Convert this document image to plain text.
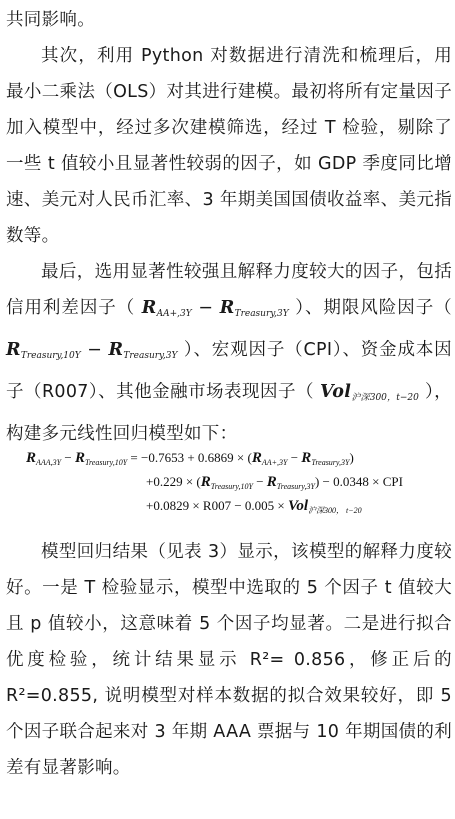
共同影响。

其次，利用 Python 对数据进行清洗和梳理后，用最小二乘法（OLS）对其进行建模。最初将所有定量因子加入模型中，经过多次建模筛选，经过 T 检验，剔除了一些 t 值较小且显著性较弱的因子，如 GDP 季度同比增速、美元对人民币汇率、3 年期美国国债收益率、美元指数等。

最后，选用显著性较强且解释力度较大的因子，包括信用利差因子（ $R_{AA+,3Y} - R_{Treasury,3Y}$ ）、期限风险因子（ $R_{Treasury,10Y} - R_{Treasury,3Y}$ ）、宏观因子（CPI）、资金成本因子（R007）、其他金融市场表现因子（ Vol$_{沪深300,t-20}$ ），构建多元线性回归模型如下：

$R_{AAA,3Y} - R_{Treasury,10Y} = -0.7653 + 0.6869 \times (R_{AA+,3Y} - R_{Treasury,3Y})$
$+0.229 \times (R_{Treasury,10Y} - R_{Treasury,3Y}) - 0.0348$ × CPI
+0.0829 × R007 − 0.005 × Vol$_{沪深300, t-20}$

模型回归结果（见表 3）显示，该模型的解释力度较好。一是 T 检验显示，模型中选取的 5 个因子 t 值较大且 p 值较小，这意味着 5 个因子均显著。二是进行拟合优度检验，统计结果显示 R²= 0.856，修正后的 R²=0.855, 说明模型对样本数据的拟合效果较好，即 5 个因子联合起来对 3 年期 AAA 票据与 10 年期国债的利差有显著影响。
